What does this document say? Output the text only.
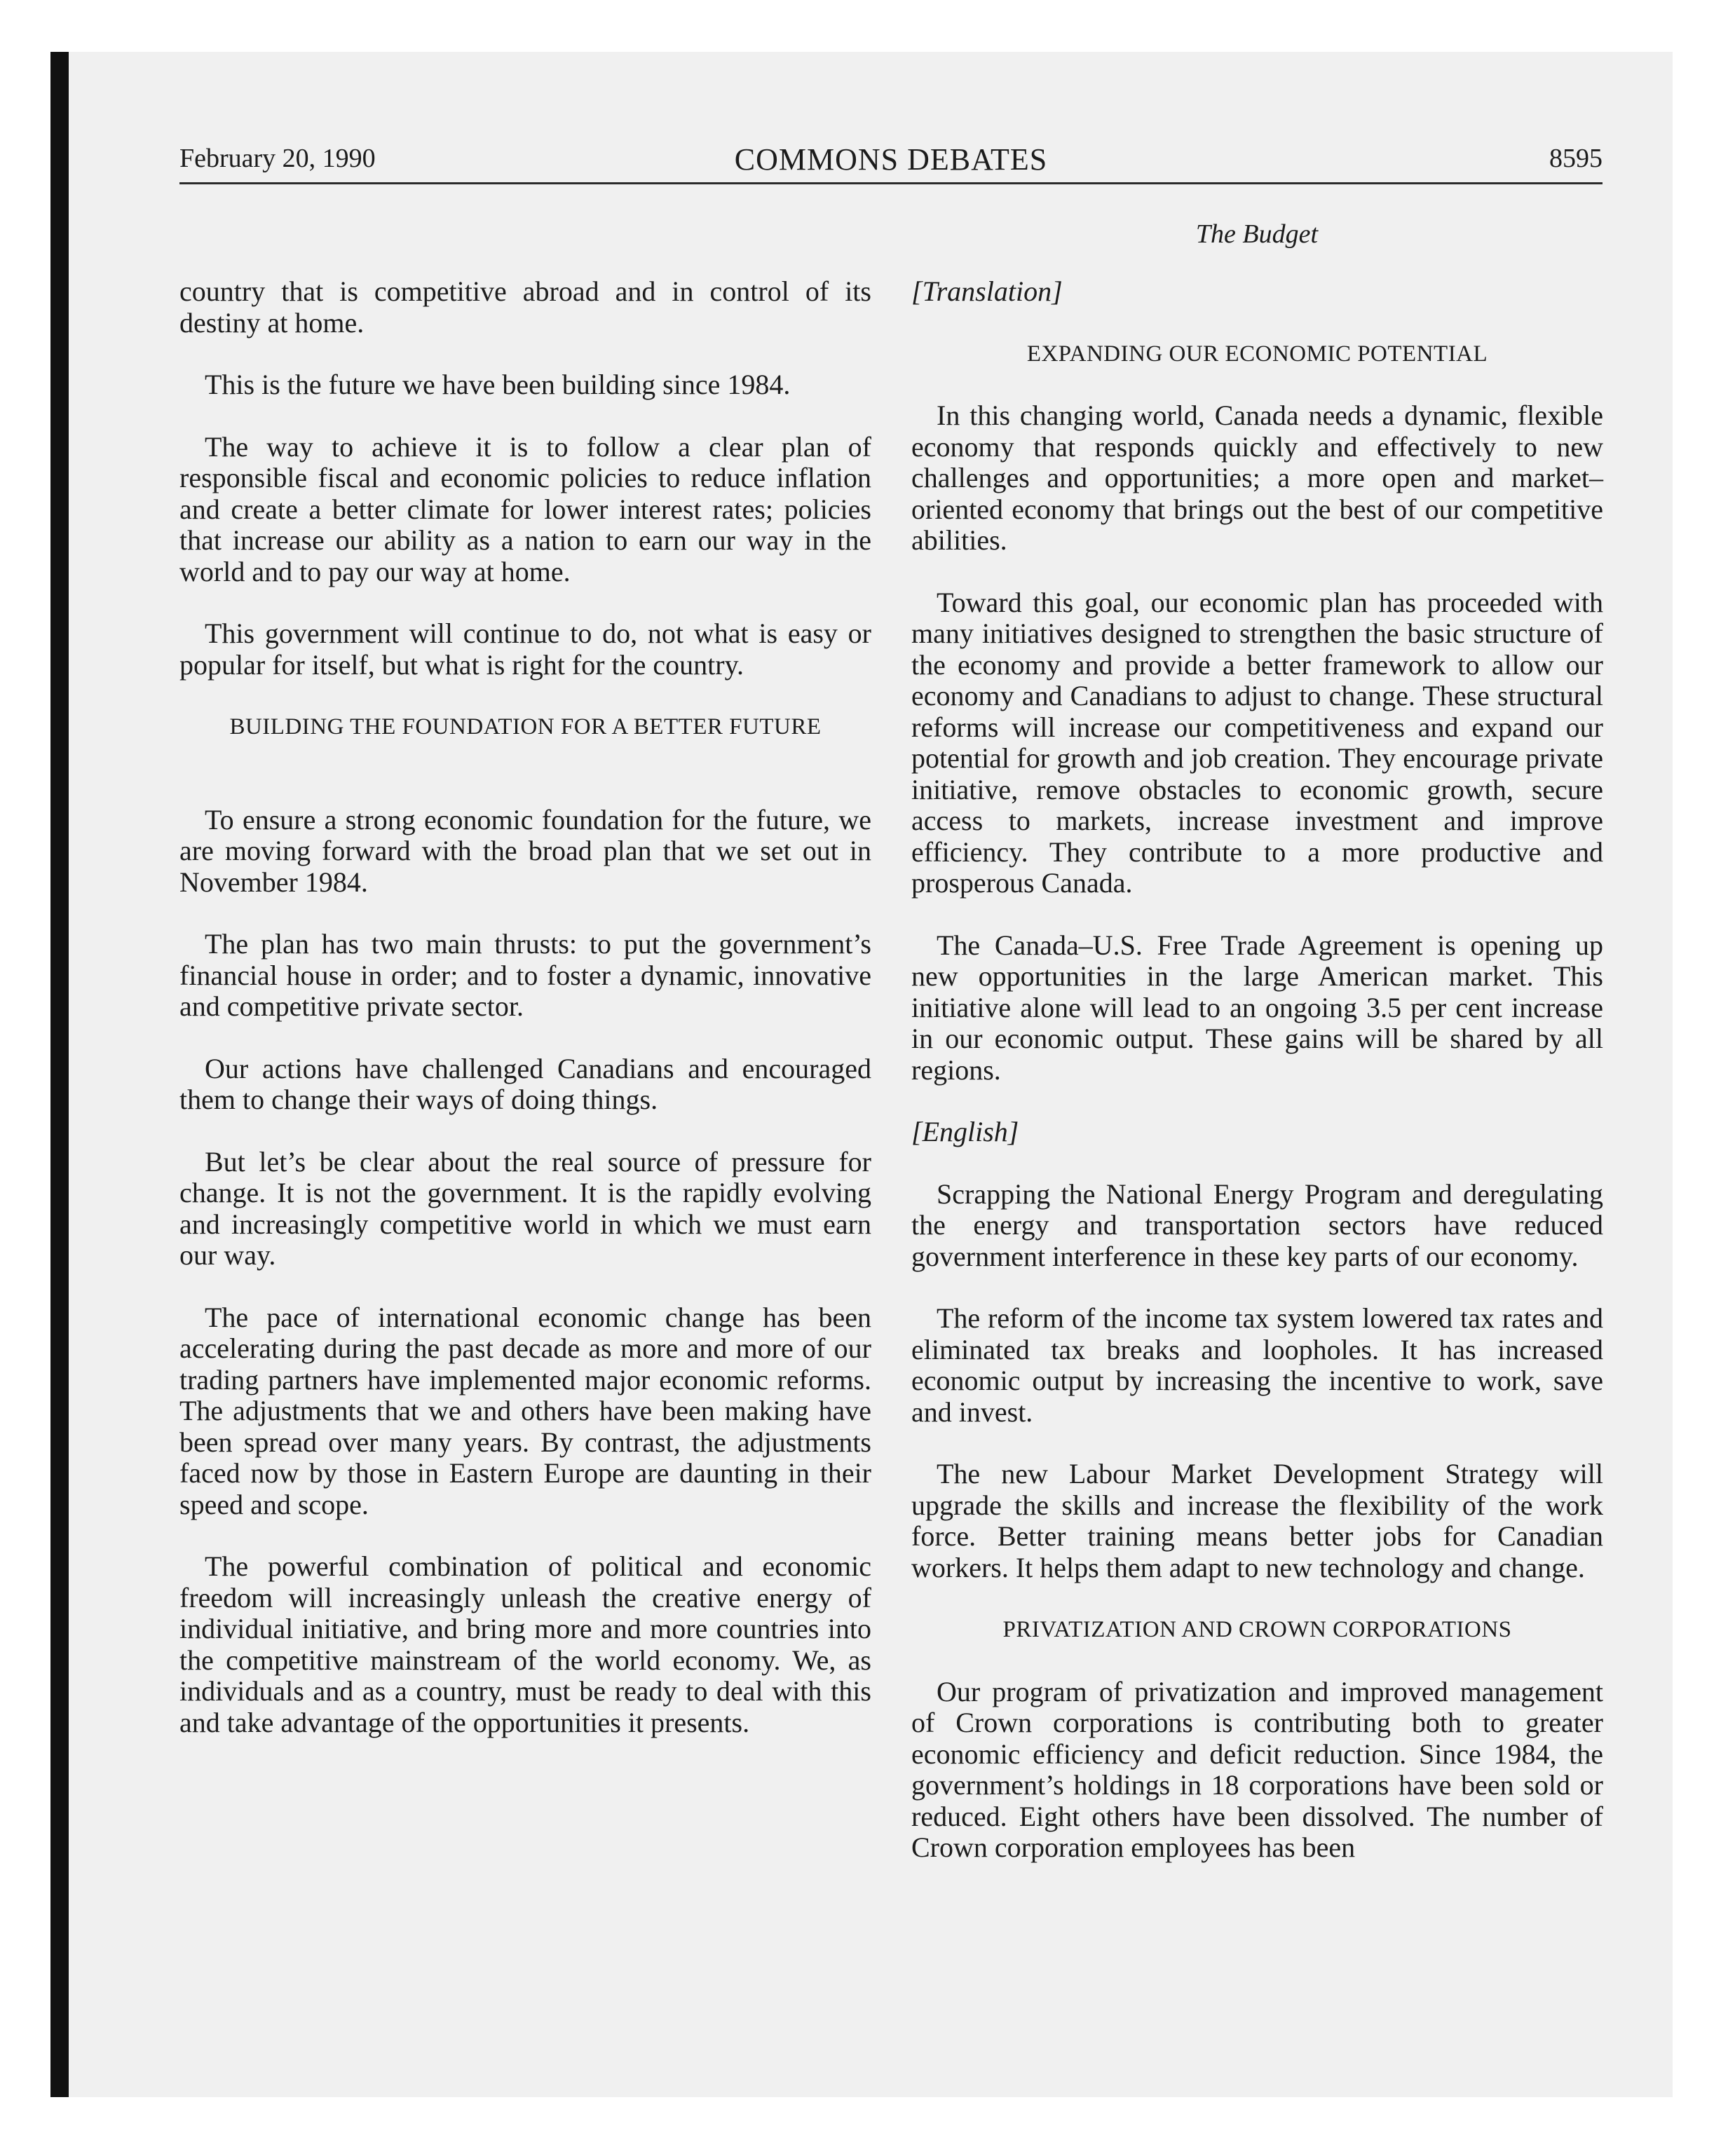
February 20, 1990	COMMONS DEBATES	8595
The Budget

country that is competitive abroad and in control of its destiny at home.

This is the future we have been building since 1984.

The way to achieve it is to follow a clear plan of responsible fiscal and economic policies to reduce inflation and create a better climate for lower interest rates; policies that increase our ability as a nation to earn our way in the world and to pay our way at home.

This government will continue to do, not what is easy or popular for itself, but what is right for the country.

BUILDING THE FOUNDATION FOR A BETTER FUTURE

To ensure a strong economic foundation for the future, we are moving forward with the broad plan that we set out in November 1984.

The plan has two main thrusts: to put the government’s financial house in order; and to foster a dynamic, innovative and competitive private sector.

Our actions have challenged Canadians and encouraged them to change their ways of doing things.

But let’s be clear about the real source of pressure for change. It is not the government. It is the rapidly evolving and increasingly competitive world in which we must earn our way.

The pace of international economic change has been accelerating during the past decade as more and more of our trading partners have implemented major economic reforms. The adjustments that we and others have been making have been spread over many years. By contrast, the adjustments faced now by those in Eastern Europe are daunting in their speed and scope.

The powerful combination of political and economic freedom will increasingly unleash the creative energy of individual initiative, and bring more and more countries into the competitive mainstream of the world economy. We, as individuals and as a country, must be ready to deal with this and take advantage of the opportunities it presents.

[Translation]

EXPANDING OUR ECONOMIC POTENTIAL

In this changing world, Canada needs a dynamic, flexible economy that responds quickly and effectively to new challenges and opportunities; a more open and market–oriented economy that brings out the best of our competitive abilities.

Toward this goal, our economic plan has proceeded with many initiatives designed to strengthen the basic structure of the economy and provide a better framework to allow our economy and Canadians to adjust to change. These structural reforms will increase our competitiveness and expand our potential for growth and job creation. They encourage private initiative, remove obstacles to economic growth, secure access to markets, increase investment and improve efficiency. They contribute to a more productive and prosperous Canada.

The Canada–U.S. Free Trade Agreement is opening up new opportunities in the large American market. This initiative alone will lead to an ongoing 3.5 per cent increase in our economic output. These gains will be shared by all regions.

[English]

Scrapping the National Energy Program and deregulating the energy and transportation sectors have reduced government interference in these key parts of our economy.

The reform of the income tax system lowered tax rates and eliminated tax breaks and loopholes. It has increased economic output by increasing the incentive to work, save and invest.

The new Labour Market Development Strategy will upgrade the skills and increase the flexibility of the work force. Better training means better jobs for Canadian workers. It helps them adapt to new technology and change.

PRIVATIZATION AND CROWN CORPORATIONS

Our program of privatization and improved management of Crown corporations is contributing both to greater economic efficiency and deficit reduction. Since 1984, the government’s holdings in 18 corporations have been sold or reduced. Eight others have been dissolved. The number of Crown corporation employees has been
